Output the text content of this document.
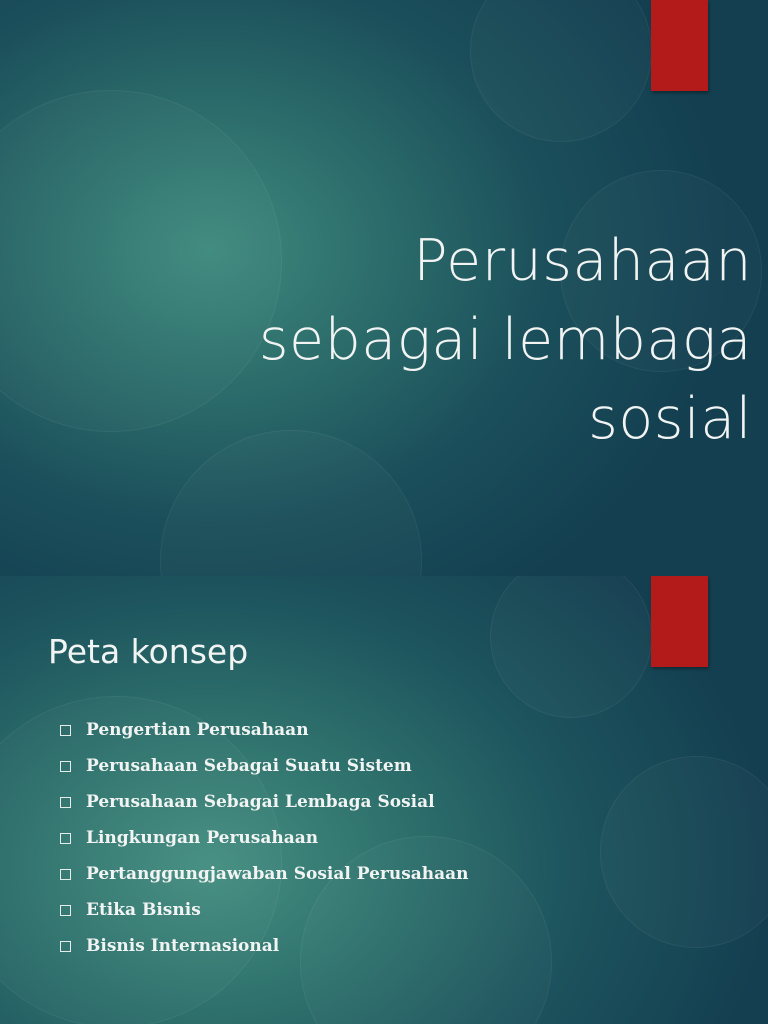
Perusahaan
sebagai lembaga
sosial
Peta konsep
Pengertian Perusahaan
Perusahaan Sebagai Suatu Sistem
Perusahaan Sebagai Lembaga Sosial
Lingkungan Perusahaan
Pertanggungjawaban Sosial Perusahaan
Etika Bisnis
Bisnis Internasional
